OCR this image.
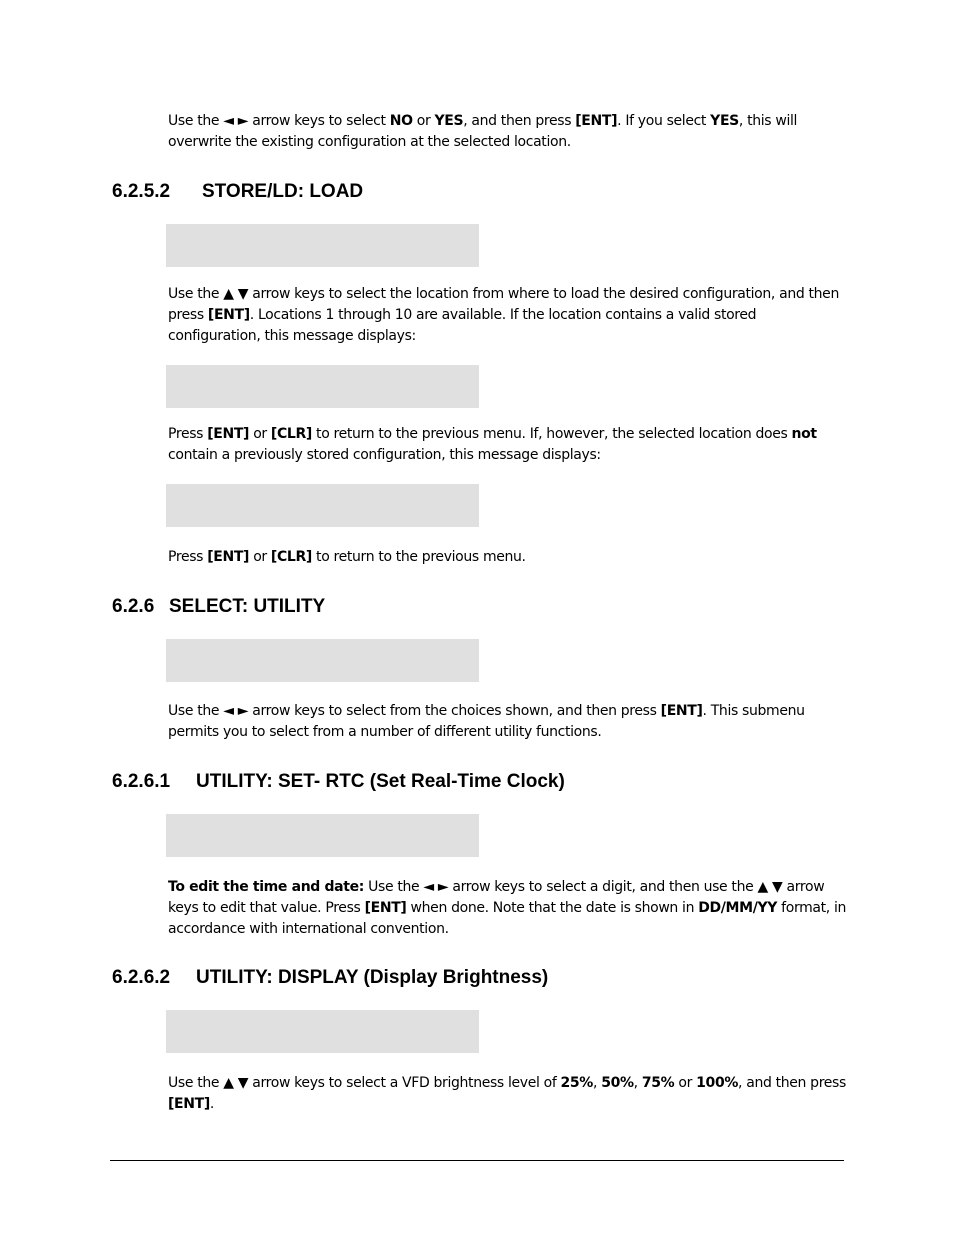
Use the ◄ ► arrow keys to select NO or YES, and then press [ENT]. If you select YES, this will overwrite the existing configuration at the selected location.

6.2.5.2 STORE/LD: LOAD

Use the ▲ ▼ arrow keys to select the location from where to load the desired configuration, and then press [ENT]. Locations 1 through 10 are available. If the location contains a valid stored configuration, this message displays:

Press [ENT] or [CLR] to return to the previous menu. If, however, the selected location does not contain a previously stored configuration, this message displays:

Press [ENT] or [CLR] to return to the previous menu.

6.2.6 SELECT: UTILITY

Use the ◄ ► arrow keys to select from the choices shown, and then press [ENT]. This submenu permits you to select from a number of different utility functions.

6.2.6.1 UTILITY: SET- RTC (Set Real-Time Clock)

To edit the time and date: Use the ◄ ► arrow keys to select a digit, and then use the ▲ ▼ arrow keys to edit that value. Press [ENT] when done. Note that the date is shown in DD/MM/YY format, in accordance with international convention.

6.2.6.2 UTILITY: DISPLAY (Display Brightness)

Use the ▲ ▼ arrow keys to select a VFD brightness level of 25%, 50%, 75% or 100%, and then press [ENT].
